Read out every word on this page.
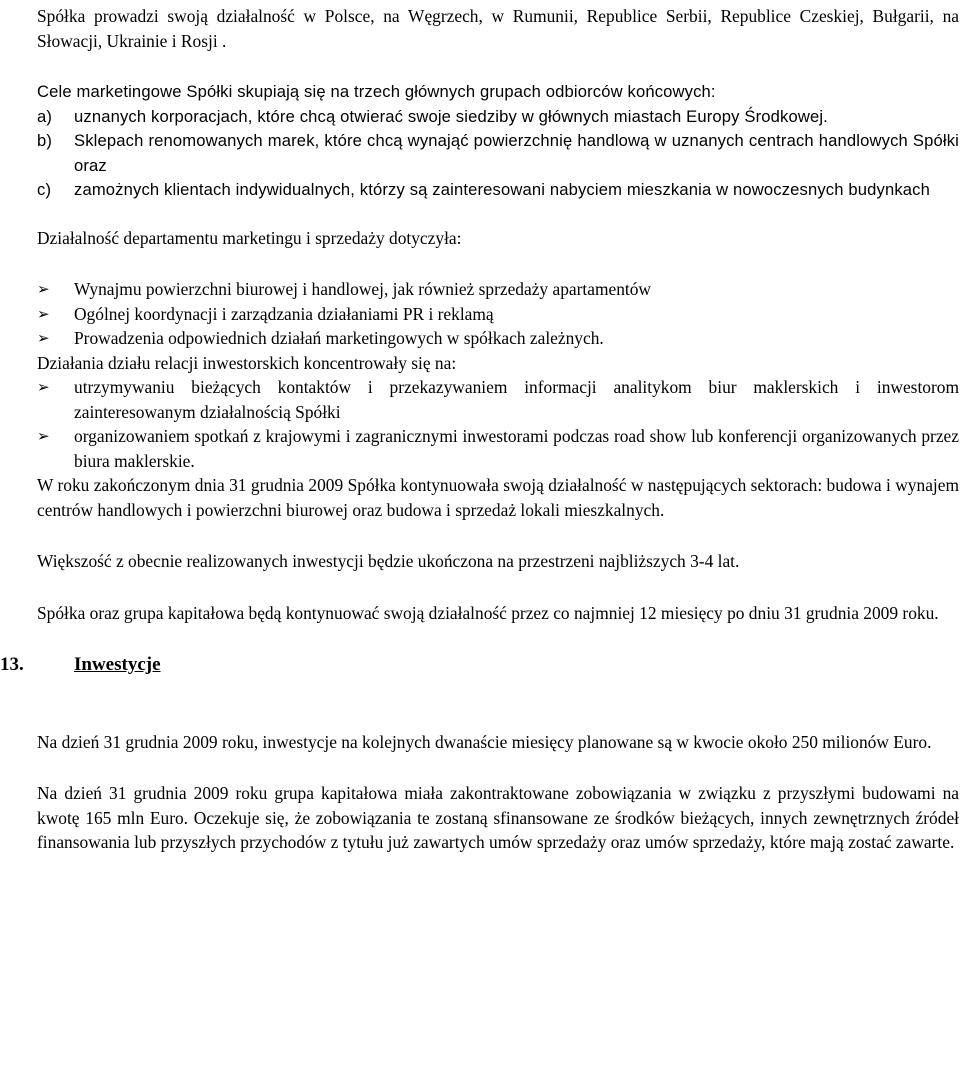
Spółka prowadzi swoją działalność w Polsce, na Węgrzech, w Rumunii, Republice Serbii, Republice Czeskiej, Bułgarii, na Słowacji, Ukrainie i Rosji .

Cele marketingowe Spółki skupiają się na trzech głównych grupach odbiorców końcowych:

a)	uznanych korporacjach, które chcą otwierać swoje siedziby w głównych miastach Europy Środkowej.
b)	Sklepach renomowanych marek, które chcą wynająć powierzchnię handlową w uznanych centrach handlowych Spółki oraz
c)	zamożnych klientach indywidualnych, którzy są zainteresowani nabyciem mieszkania w nowoczesnych budynkach

Działalność departamentu marketingu i sprzedaży dotyczyła:

➢	Wynajmu powierzchni biurowej i handlowej, jak również sprzedaży apartamentów
➢	Ogólnej koordynacji i zarządzania działaniami PR i reklamą
➢	Prowadzenia odpowiednich działań marketingowych w spółkach zależnych.

Działania działu relacji inwestorskich koncentrowały się na:

➢	utrzymywaniu bieżących kontaktów i przekazywaniem informacji analitykom biur maklerskich i inwestorom zainteresowanym działalnością Spółki
➢	organizowaniem spotkań z krajowymi i zagranicznymi inwestorami podczas road show lub konferencji organizowanych przez biura maklerskie.

W roku zakończonym dnia 31 grudnia 2009 Spółka kontynuowała swoją działalność w następujących sektorach: budowa i wynajem centrów handlowych i powierzchni biurowej oraz budowa i sprzedaż lokali mieszkalnych.

Większość z obecnie realizowanych inwestycji będzie ukończona na przestrzeni najbliższych 3-4 lat.

Spółka oraz grupa kapitałowa będą kontynuować swoją działalność przez co najmniej 12 miesięcy po dniu 31 grudnia 2009 roku.

13.	Inwestycje

Na dzień 31 grudnia 2009 roku, inwestycje na kolejnych dwanaście miesięcy planowane są w kwocie około 250 milionów Euro.

Na dzień 31 grudnia 2009 roku grupa kapitałowa miała zakontraktowane zobowiązania w związku z przyszłymi budowami na kwotę 165 mln Euro. Oczekuje się, że zobowiązania te zostaną sfinansowane ze środków bieżących, innych zewnętrznych źródeł finansowania lub przyszłych przychodów z tytułu już zawartych umów sprzedaży oraz umów sprzedaży, które mają zostać zawarte.
